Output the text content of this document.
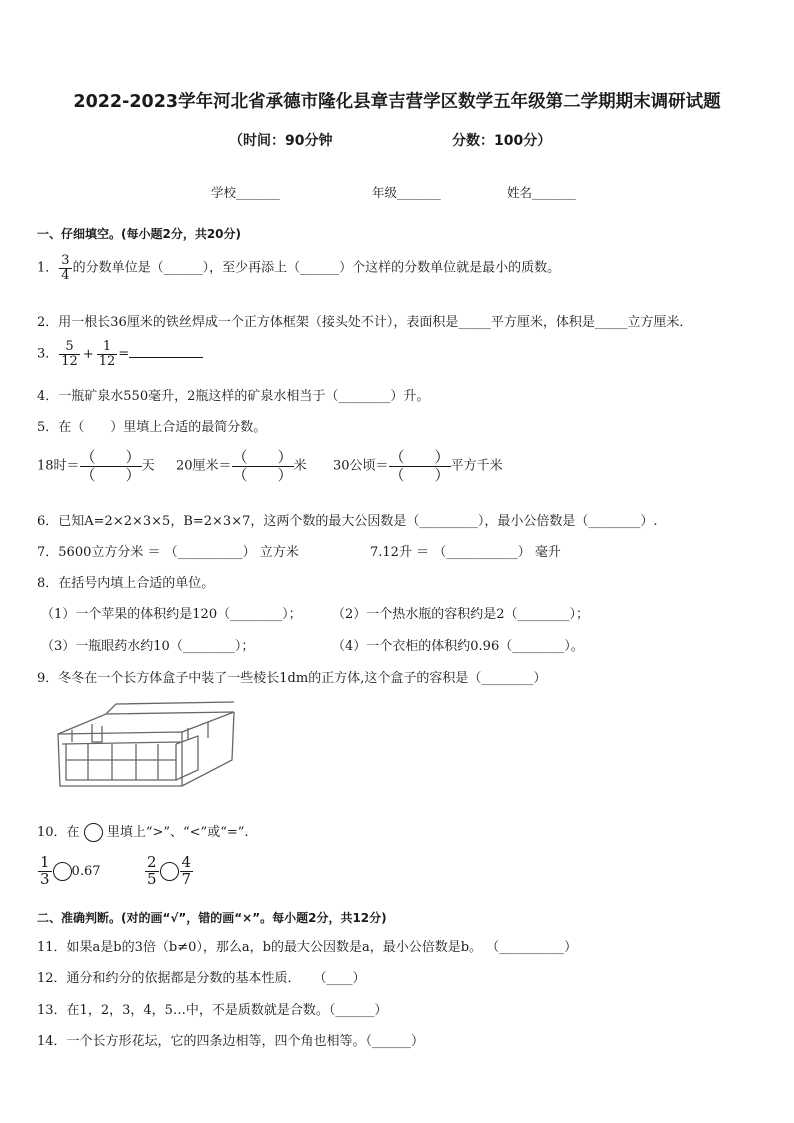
2022-2023学年河北省承德市隆化县章吉营学区数学五年级第二学期期末调研试题
（时间：90分钟	分数：100分）
学校_______	年级_______	姓名_______
一、仔细填空。(每小题2分，共20分)
1． $\frac{3}{4}$ 的分数单位是（______），至少再添上（______）个这样的分数单位就是最小的质数。
2．用一根长36厘米的铁丝焊成一个正方体框架（接头处不计），表面积是_____平方厘米，体积是_____立方厘米．
3． $\frac{5}{12} + \frac{1}{12}$ =
4．一瓶矿泉水550毫升，2瓶这样的矿泉水相当于（________）升。
5．在（　　）里填上合适的最简分数。
18时＝ （　　）
（　　）天 20厘米＝ （　　）
（　　）米 30公顷＝ （　　）
（　　）平方千米
6．已知A=2×2×3×5，B=2×3×7，这两个数的最大公因数是（_________），最小公倍数是（________）.
7．5600立方分米 ＝ （__________） 立方米	7.12升 ＝ （___________） 毫升
8．在括号内填上合适的单位。
（1）一个苹果的体积约是120（________）； （2）一个热水瓶的容积约是2（________）；
（3）一瓶眼药水约10（________）；	（4）一个衣柜的体积约0.96（________）。
9．冬冬在一个长方体盒子中装了一些棱长1dm的正方体,这个盒子的容积是（________）
10．在 里填上“>”、“<”或“=”.
$\frac{1}{3} 0.67$	$\frac{2}{5} \frac{4}{7}$
二、准确判断。(对的画“√”，错的画“×”。每小题2分，共12分)
11．如果a是b的3倍（b≠0），那么a，b的最大公因数是a，最小公倍数是b。 （__________）
12．通分和约分的依据都是分数的基本性质．　　（____）
13．在1，2，3，4，5…中，不是质数就是合数。（______）
14．一个长方形花坛，它的四条边相等，四个角也相等。（______）
